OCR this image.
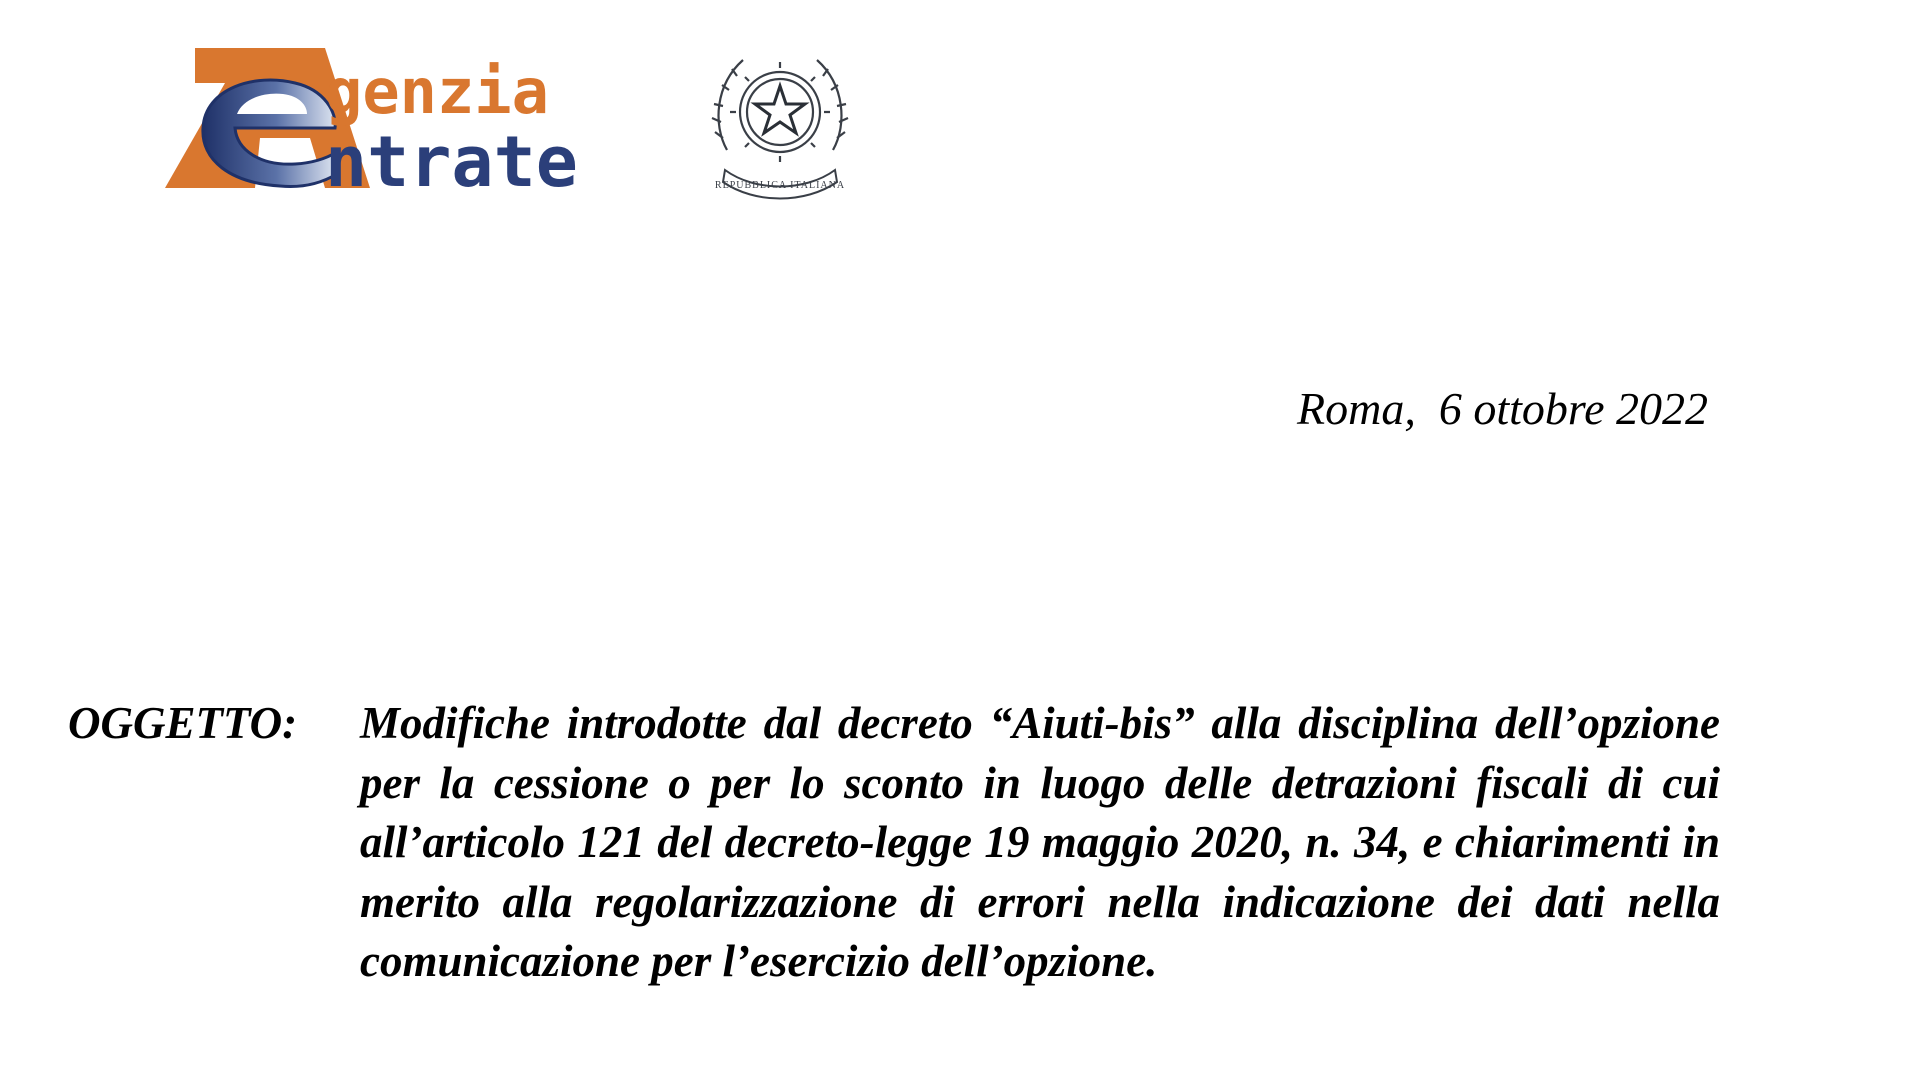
genzia
ntrate	REPUBBLICA ITALIANA
Roma, 6 ottobre 2022
OGGETTO: Modifiche introdotte dal decreto “Aiuti-bis” alla disciplina dell’opzione per la cessione o per lo sconto in luogo delle detrazioni fiscali di cui all’articolo 121 del decreto-legge 19 maggio 2020, n. 34, e chiarimenti in merito alla regolarizzazione di errori nella indicazione dei dati nella comunicazione per l’esercizio dell’opzione.
